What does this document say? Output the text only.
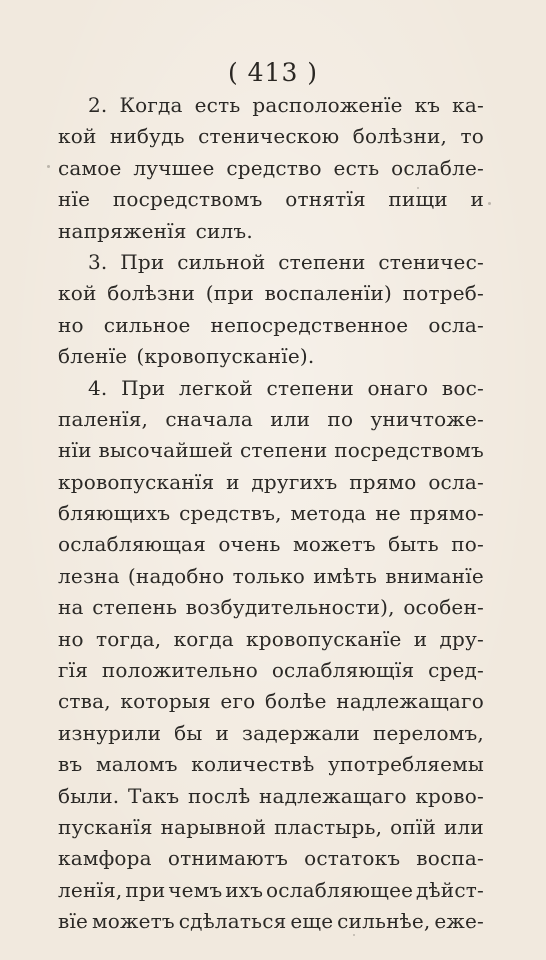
( 413 )
2. Когда есть расположенїе къ ка-
кой нибудь стеническою болѣзни, то
самое лучшее средство есть ослабле-
нїе посредствомъ отнятїя пищи и
напряженїя силъ.
3. При сильной степени стеничес-
кой болѣзни (при воспаленїи) потреб-
но сильное непосредственное осла-
бленїе (кровопусканїе).
4. При легкой степени онаго вос-
паленїя, сначала или по уничтоже-
нїи высочайшей степени посредствомъ
кровопусканїя и другихъ прямо осла-
бляющихъ средствъ, метода не прямо-
ослабляющая очень можетъ быть по-
лезна (надобно только имѣть вниманїе
на степень возбудительности), особен-
но тогда, когда кровопусканїе и дру-
гїя положительно ослабляющїя сред-
ства, которыя его болѣе надлежащаго
изнурили бы и задержали переломъ,
въ маломъ количествѣ употребляемы
были. Такъ послѣ надлежащаго крово-
пусканїя нарывной пластырь, опїй или
камфора отнимаютъ остатокъ воспа-
ленїя, при чемъ ихъ ослабляющее дѣйст-
вїе можетъ сдѣлаться еще сильнѣе, еже-
